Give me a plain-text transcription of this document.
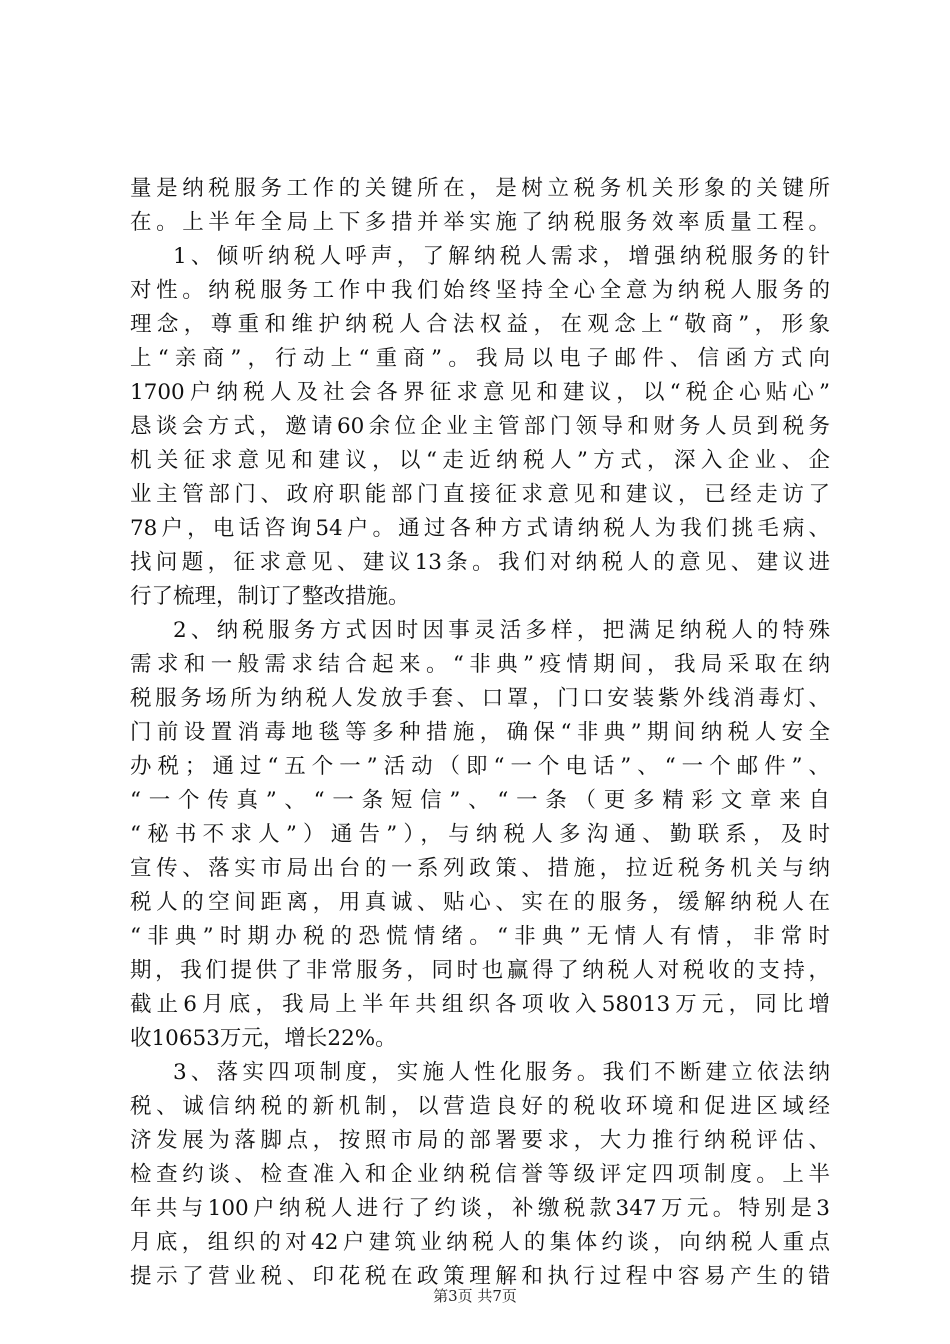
量是纳税服务工作的关键所在，是树立税务机关形象的关键所
在。上半年全局上下多措并举实施了纳税服务效率质量工程。
1、倾听纳税人呼声，了解纳税人需求，增强纳税服务的针
对性。纳税服务工作中我们始终坚持全心全意为纳税人服务的
理念，尊重和维护纳税人合法权益，在观念上“敬商”，形象
上“亲商”，行动上“重商”。我局以电子邮件、信函方式向
1700户纳税人及社会各界征求意见和建议，以“税企心贴心”
恳谈会方式，邀请60余位企业主管部门领导和财务人员到税务
机关征求意见和建议，以“走近纳税人”方式，深入企业、企
业主管部门、政府职能部门直接征求意见和建议，已经走访了
78户，电话咨询54户。通过各种方式请纳税人为我们挑毛病、
找问题，征求意见、建议13条。我们对纳税人的意见、建议进
行了梳理，制订了整改措施。
2、纳税服务方式因时因事灵活多样，把满足纳税人的特殊
需求和一般需求结合起来。“非典”疫情期间，我局采取在纳
税服务场所为纳税人发放手套、口罩，门口安装紫外线消毒灯、
门前设置消毒地毯等多种措施，确保“非典”期间纳税人安全
办税；通过“五个一”活动（即“一个电话”、“一个邮件”、
“一个传真”、“一条短信”、“一条（更多精彩文章来自
“秘书不求人”）通告”），与纳税人多沟通、勤联系，及时
宣传、落实市局出台的一系列政策、措施，拉近税务机关与纳
税人的空间距离，用真诚、贴心、实在的服务，缓解纳税人在
“非典”时期办税的恐慌情绪。“非典”无情人有情，非常时
期，我们提供了非常服务，同时也赢得了纳税人对税收的支持，
截止6月底，我局上半年共组织各项收入58013万元，同比增
收10653万元，增长22%。
3、落实四项制度，实施人性化服务。我们不断建立依法纳
税、诚信纳税的新机制，以营造良好的税收环境和促进区域经
济发展为落脚点，按照市局的部署要求，大力推行纳税评估、
检查约谈、检查准入和企业纳税信誉等级评定四项制度。上半
年共与100户纳税人进行了约谈，补缴税款347万元。特别是3
月底，组织的对42户建筑业纳税人的集体约谈，向纳税人重点
提示了营业税、印花税在政策理解和执行过程中容易产生的错
第3页 共7页
